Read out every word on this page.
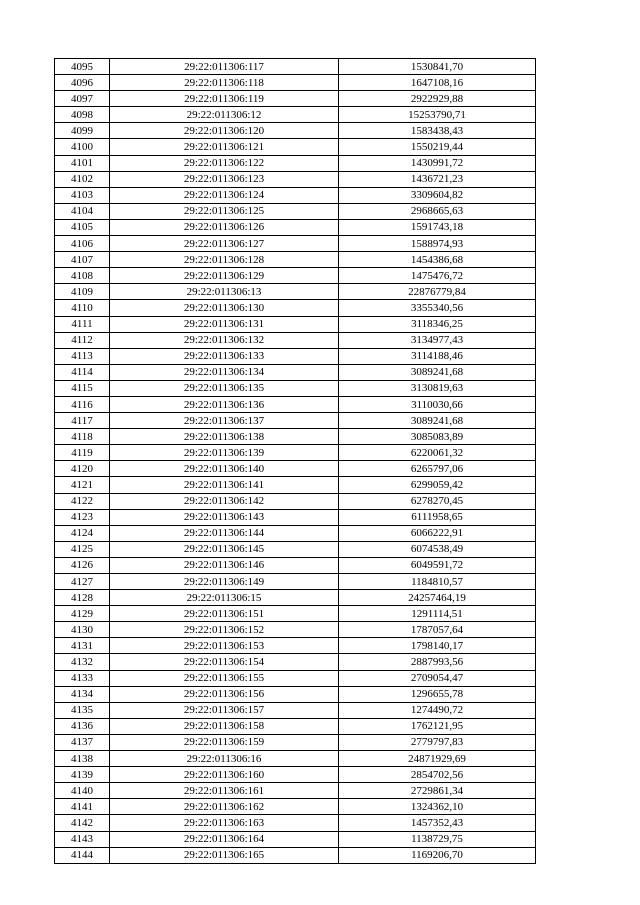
4095	29:22:011306:117	1530841,70
4096	29:22:011306:118	1647108,16
4097	29:22:011306:119	2922929,88
4098	29:22:011306:12	15253790,71
4099	29:22:011306:120	1583438,43
4100	29:22:011306:121	1550219,44
4101	29:22:011306:122	1430991,72
4102	29:22:011306:123	1436721,23
4103	29:22:011306:124	3309604,82
4104	29:22:011306:125	2968665,63
4105	29:22:011306:126	1591743,18
4106	29:22:011306:127	1588974,93
4107	29:22:011306:128	1454386,68
4108	29:22:011306:129	1475476,72
4109	29:22:011306:13	22876779,84
4110	29:22:011306:130	3355340,56
4111	29:22:011306:131	3118346,25
4112	29:22:011306:132	3134977,43
4113	29:22:011306:133	3114188,46
4114	29:22:011306:134	3089241,68
4115	29:22:011306:135	3130819,63
4116	29:22:011306:136	3110030,66
4117	29:22:011306:137	3089241,68
4118	29:22:011306:138	3085083,89
4119	29:22:011306:139	6220061,32
4120	29:22:011306:140	6265797,06
4121	29:22:011306:141	6299059,42
4122	29:22:011306:142	6278270,45
4123	29:22:011306:143	6111958,65
4124	29:22:011306:144	6066222,91
4125	29:22:011306:145	6074538,49
4126	29:22:011306:146	6049591,72
4127	29:22:011306:149	1184810,57
4128	29:22:011306:15	24257464,19
4129	29:22:011306:151	1291114,51
4130	29:22:011306:152	1787057,64
4131	29:22:011306:153	1798140,17
4132	29:22:011306:154	2887993,56
4133	29:22:011306:155	2709054,47
4134	29:22:011306:156	1296655,78
4135	29:22:011306:157	1274490,72
4136	29:22:011306:158	1762121,95
4137	29:22:011306:159	2779797,83
4138	29:22:011306:16	24871929,69
4139	29:22:011306:160	2854702,56
4140	29:22:011306:161	2729861,34
4141	29:22:011306:162	1324362,10
4142	29:22:011306:163	1457352,43
4143	29:22:011306:164	1138729,75
4144	29:22:011306:165	1169206,70
